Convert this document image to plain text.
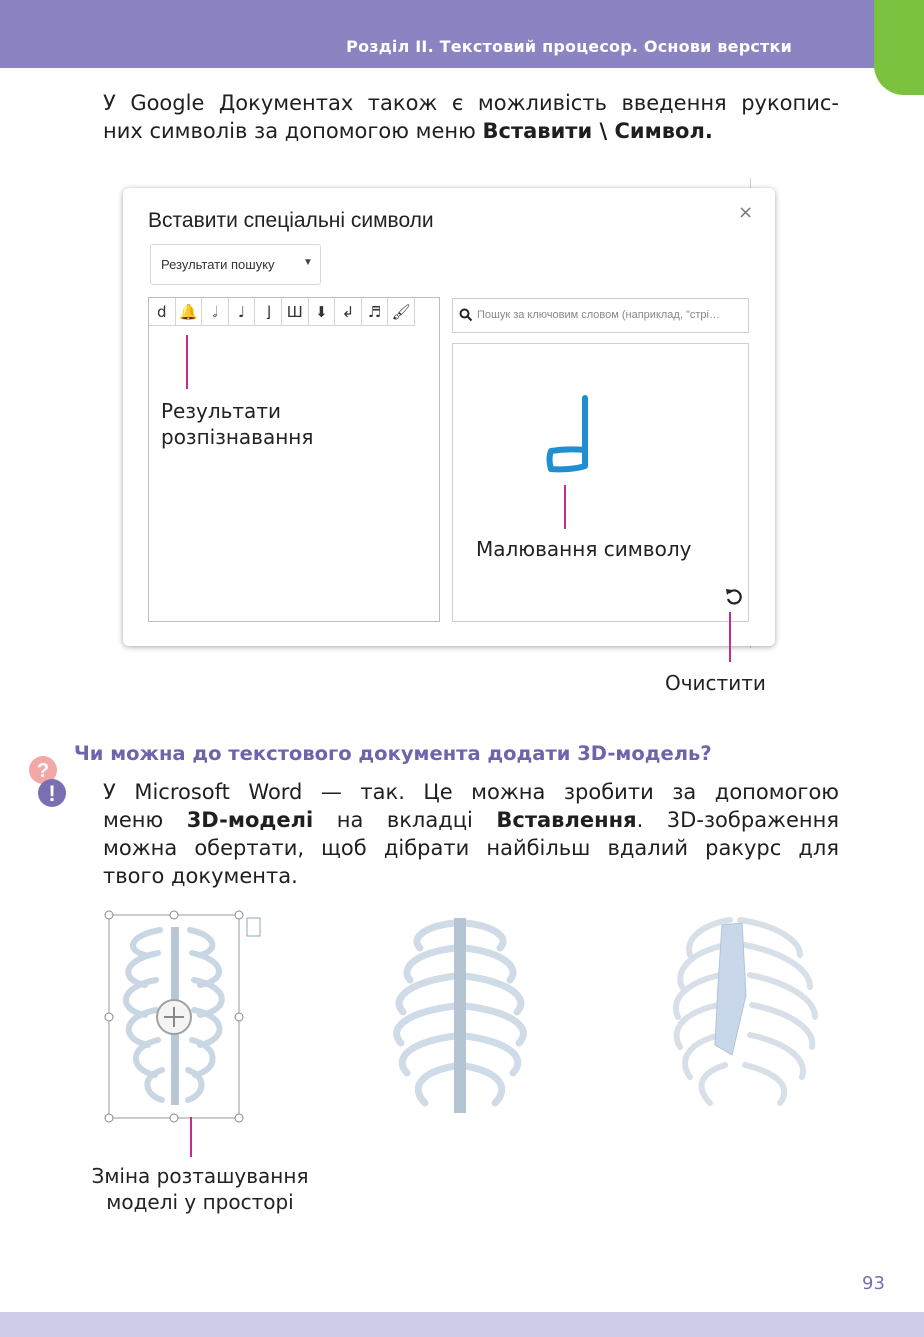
Розділ II. Текстовий процесор. Основи верстки
У Google Документах також є можливість введення рукопис-
них символів за допомогою меню Вставити \ Символ.
Вставити спеціальні символи	×
Результати пошуку	▼
d 🔔 𝅗𝅥	♩	⌋	Ш ⬇ ↲ ♬ 🖌	Пошук за ключовим словом (наприклад, "стрі…
Результати
розпізнавання
Малювання символу
Очистити
?
!
Чи можна до текстового документа додати 3D-модель?
У Microsoft Word — так. Це можна зробити за допомогою
меню 3D-моделі на вкладці Вставлення. 3D-зображення
можна обертати, щоб дібрати найбільш вдалий ракурс для
твого документа.
Зміна розташування
моделі у просторі
93
